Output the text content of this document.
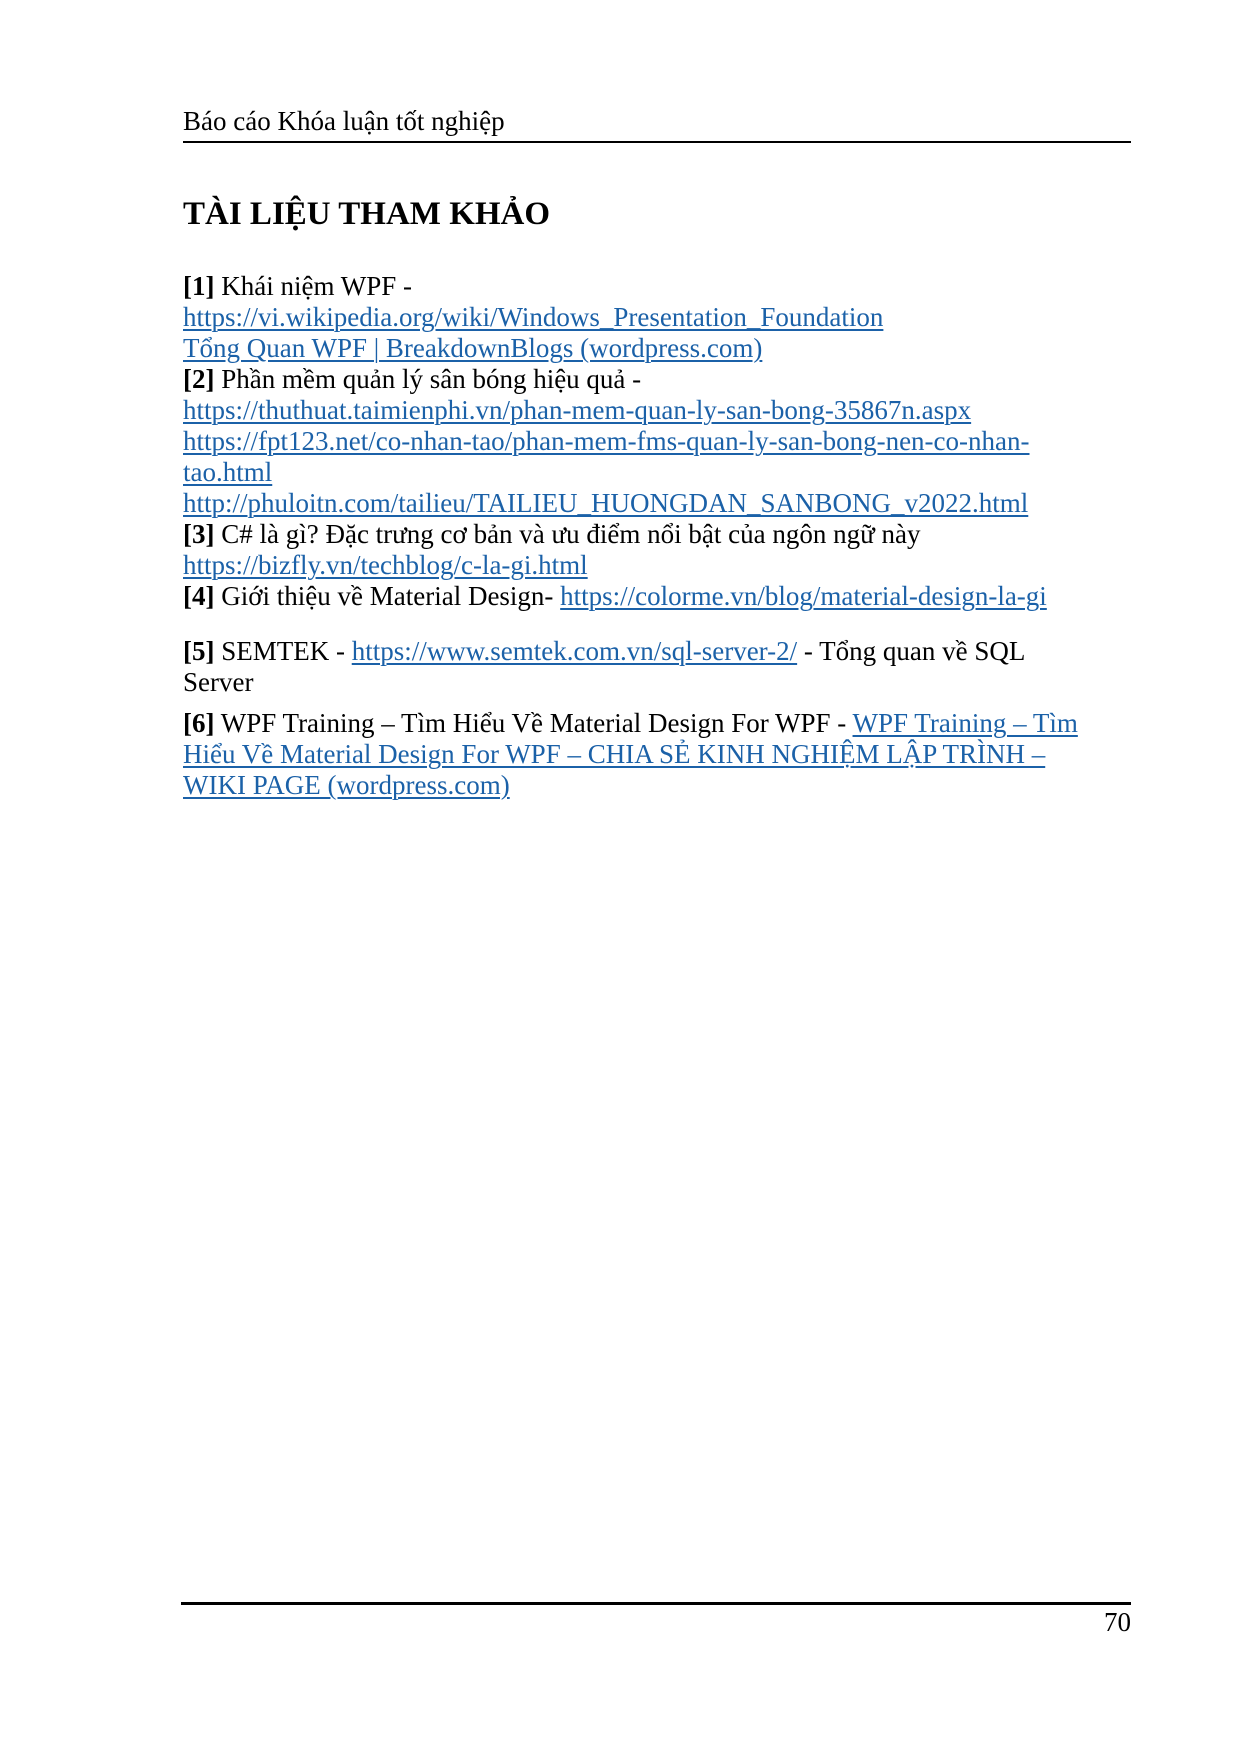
Báo cáo Khóa luận tốt nghiệp
TÀI LIỆU THAM KHẢO
[1] Khái niệm WPF -
https://vi.wikipedia.org/wiki/Windows_Presentation_Foundation
Tổng Quan WPF | BreakdownBlogs (wordpress.com)
[2] Phần mềm quản lý sân bóng hiệu quả -
https://thuthuat.taimienphi.vn/phan-mem-quan-ly-san-bong-35867n.aspx
https://fpt123.net/co-nhan-tao/phan-mem-fms-quan-ly-san-bong-nen-co-nhan-
tao.html
http://phuloitn.com/tailieu/TAILIEU_HUONGDAN_SANBONG_v2022.html
[3] C# là gì? Đặc trưng cơ bản và ưu điểm nổi bật của ngôn ngữ này
https://bizfly.vn/techblog/c-la-gi.html
[4] Giới thiệu về Material Design- https://colorme.vn/blog/material-design-la-gi
[5] SEMTEK - https://www.semtek.com.vn/sql-server-2/ - Tổng quan về SQL
Server
[6] WPF Training – Tìm Hiểu Về Material Design For WPF - WPF Training – Tìm
Hiểu Về Material Design For WPF – CHIA SẺ KINH NGHIỆM LẬP TRÌNH –
WIKI PAGE (wordpress.com)
70
